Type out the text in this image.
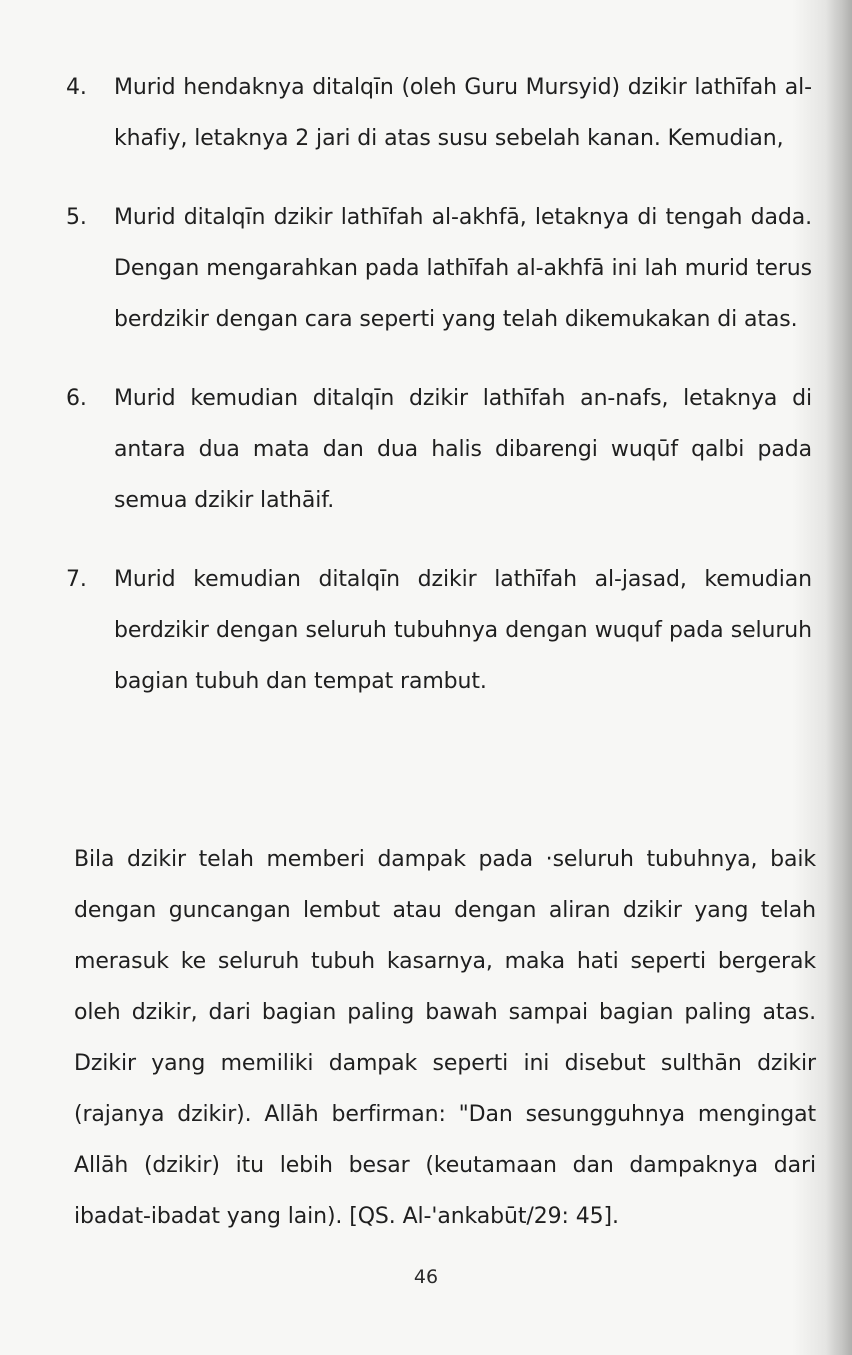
4. Murid hendaknya ditalqīn (oleh Guru Mursyid) dzikir lathīfah al-khafiy, letaknya 2 jari di atas susu sebelah kanan. Kemudian,
5. Murid ditalqīn dzikir lathīfah al-akhfā, letaknya di tengah dada. Dengan mengarahkan pada lathīfah al-akhfā ini lah murid terus berdzikir dengan cara seperti yang telah dikemukakan di atas.
6. Murid kemudian ditalqīn dzikir lathīfah an-nafs, letaknya di antara dua mata dan dua halis dibarengi wuqūf qalbi pada semua dzikir lathāif.
7. Murid kemudian ditalqīn dzikir lathīfah al-jasad, kemudian berdzikir dengan seluruh tubuhnya dengan wuquf pada seluruh bagian tubuh dan tempat rambut.

Bila dzikir telah memberi dampak pada ·seluruh tubuhnya, baik dengan guncangan lembut atau dengan aliran dzikir yang telah merasuk ke seluruh tubuh kasarnya, maka hati seperti bergerak oleh dzikir, dari bagian paling bawah sampai bagian paling atas. Dzikir yang memiliki dampak seperti ini disebut sulthān dzikir (rajanya dzikir). Allāh berfirman: "Dan sesungguhnya mengingat Allāh (dzikir) itu lebih besar (keutamaan dan dampaknya dari ibadat-ibadat yang lain). [QS. Al-'ankabūt/29: 45].

46
